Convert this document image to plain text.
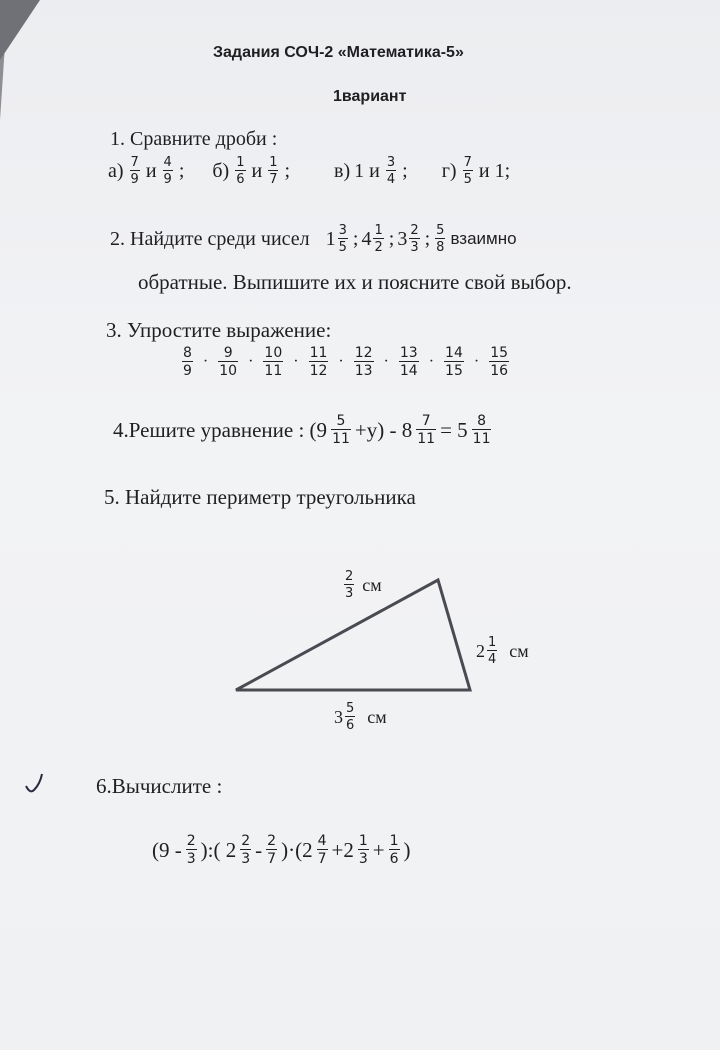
Задания СОЧ-2 «Математика-5»
1вариант
1. Сравните дроби :
$а) \frac{7}{9}$ и $\frac{4}{9}$ ; $б) \frac{1}{6}$ и $\frac{1}{7}$ ; в) 1 и $\frac{3}{4}$ ; $г) \frac{7}{5}$ и 1;
2. Найдите среди чисел $1 \frac{3}{5}$ ; $4 \frac{1}{2}$ ; $3 \frac{2}{3}$ ; $\frac{5}{8}$ взаимно
обратные. Выпишите их и поясните свой выбор.
3. Упростите выражение:
$\frac{8}{9} \cdot \frac{9}{10} \cdot \frac{10}{11} \cdot \frac{11}{12} \cdot \frac{12}{13} \cdot \frac{13}{14} \cdot \frac{14}{15} \cdot \frac{15}{16}$
4.Решите уравнение : $(9 \frac{5}{11} +у) - 8 \frac{7}{11} = 5 \frac{8}{11}$
5. Найдите периметр треугольника
$\frac{2}{3}$ см
$2 \frac{1}{4}$ см
$3 \frac{5}{6}$ см
6.Вычислите :
($9 - \frac{2}{3}$ ):( $2 \frac{2}{3} - \frac{2}{7} )\cdot(2 \frac{4}{7} +2 \frac{1}{3} + \frac{1}{6}$ )
